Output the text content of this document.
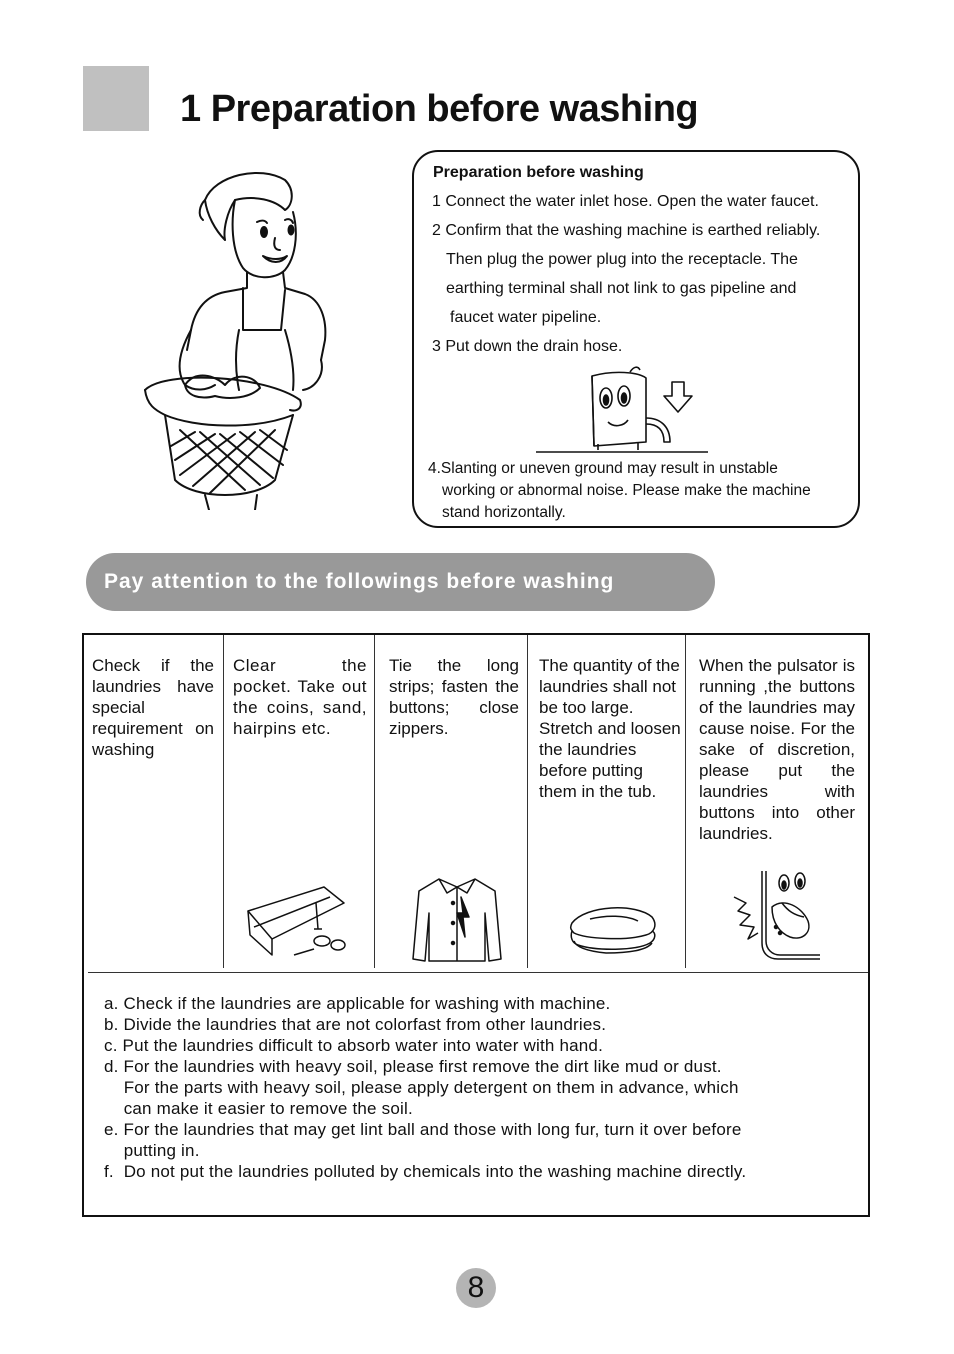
1 Preparation before washing
Preparation before washing
1 Connect the water inlet hose. Open the water faucet.
2 Confirm that the washing machine is earthed reliably.
Then plug the power plug into the receptacle. The
earthing terminal shall not link to gas pipeline and
faucet water pipeline.
3 Put down the drain hose.
4.Slanting or uneven ground may result in unstable
working or abnormal noise. Please make the machine
stand horizontally.
Pay attention to the followings before washing
Check if the laundries have special requirement on washing
Clear the pocket. Take out the coins, sand, hairpins etc.
Tie the long strips; fasten the buttons; close zippers.
The quantity of the laundries shall not be too large. Stretch and loosen the laundries before putting them in the tub.
When the pulsator is running ,the buttons of the laundries may cause noise. For the sake of discretion, please put the laundries with buttons into other laundries.
a. Check if the laundries are applicable for washing with machine.
b. Divide the laundries that are not colorfast from other laundries.
c. Put the laundries difficult to absorb water into water with hand.
d. For the laundries with heavy soil, please first remove the dirt like mud or dust.
For the parts with heavy soil, please apply detergent on them in advance, which
can make it easier to remove the soil.
e. For the laundries that may get lint ball and those with long fur, turn it over before
putting in.
f.  Do not put the laundries polluted by chemicals into the washing machine directly.
8
